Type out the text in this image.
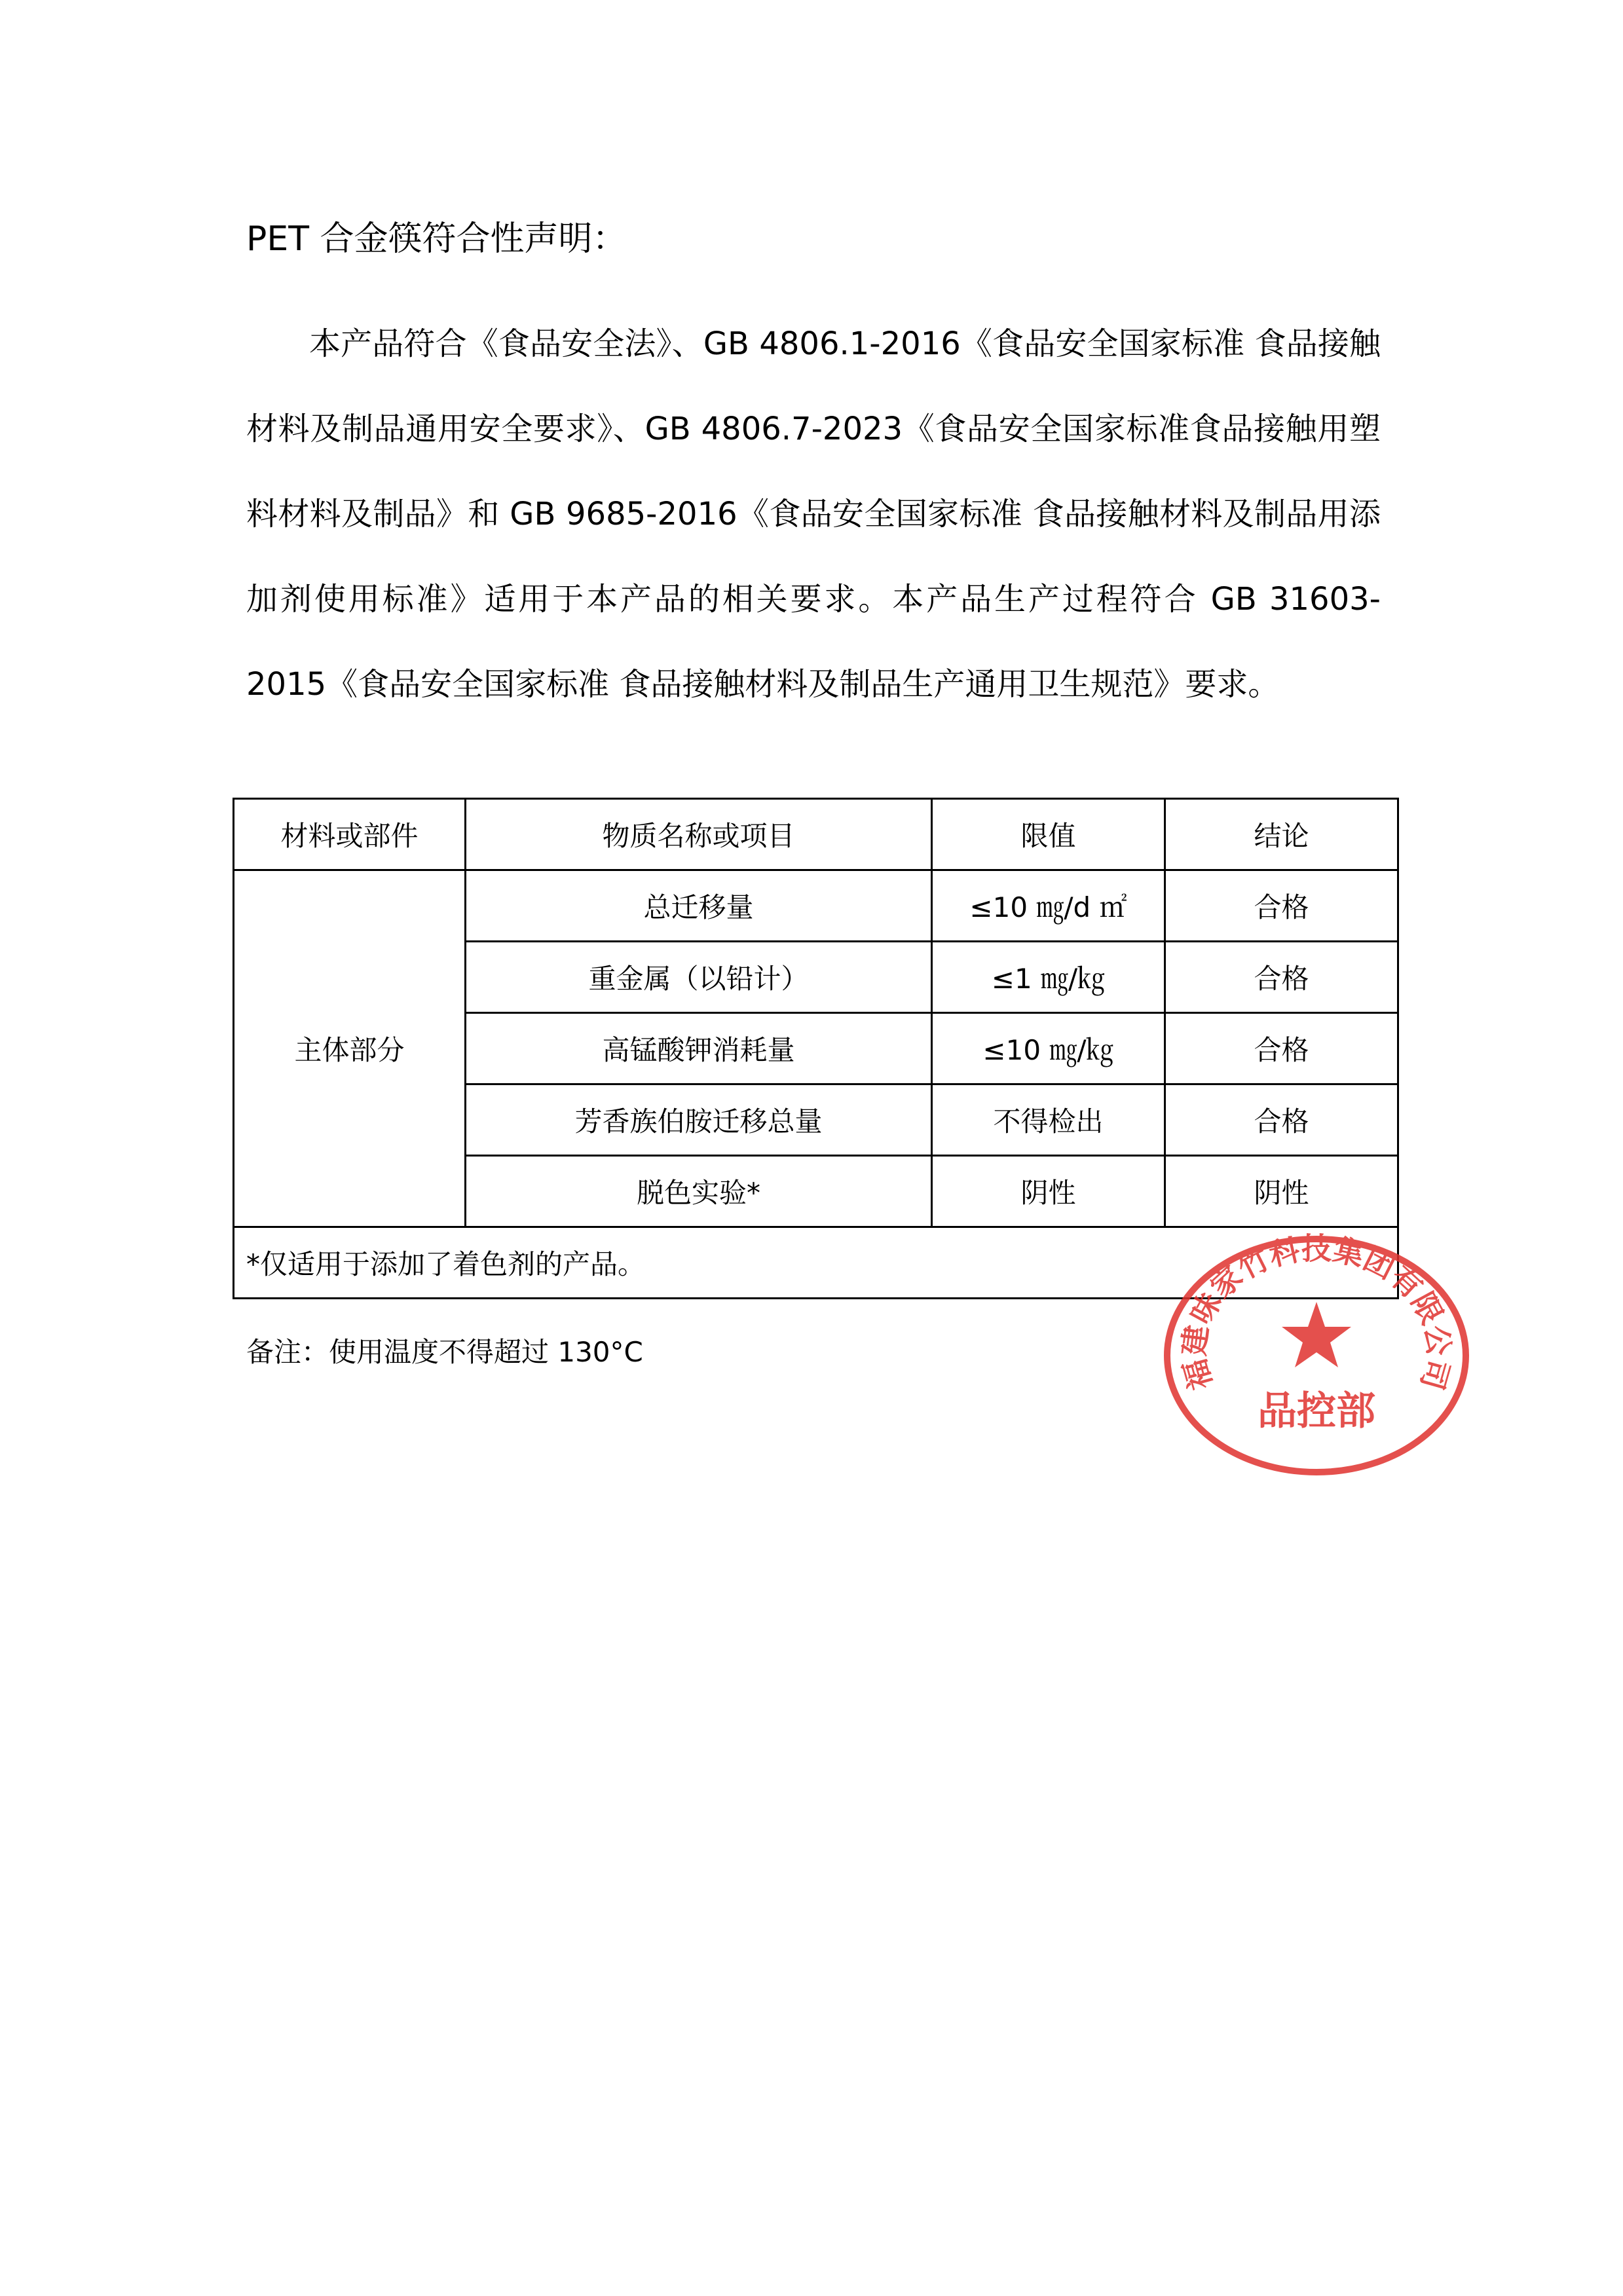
PET 合金筷符合性声明：

本产品符合《食品安全法》、GB 4806.1-2016《食品安全国家标准 食品接触材料及制品通用安全要求》、GB 4806.7-2023《食品安全国家标准食品接触用塑料材料及制品》和 GB 9685-2016《食品安全国家标准 食品接触材料及制品用添加剂使用标准》适用于本产品的相关要求。本产品生产过程符合 GB 31603-2015《食品安全国家标准 食品接触材料及制品生产通用卫生规范》要求。

材料或部件	物质名称或项目	限值	结论
主体部分	总迁移量	≤10 ㎎/d ㎡	合格
	重金属（以铅计）	≤1 ㎎/㎏	合格
	高锰酸钾消耗量	≤10 ㎎/㎏	合格
	芳香族伯胺迁移总量	不得检出	合格
	脱色实验*	阴性	阴性
*仅适用于添加了着色剂的产品。			
备注：使用温度不得超过 130°C
福建味家竹科技集团有限公司
品控部
